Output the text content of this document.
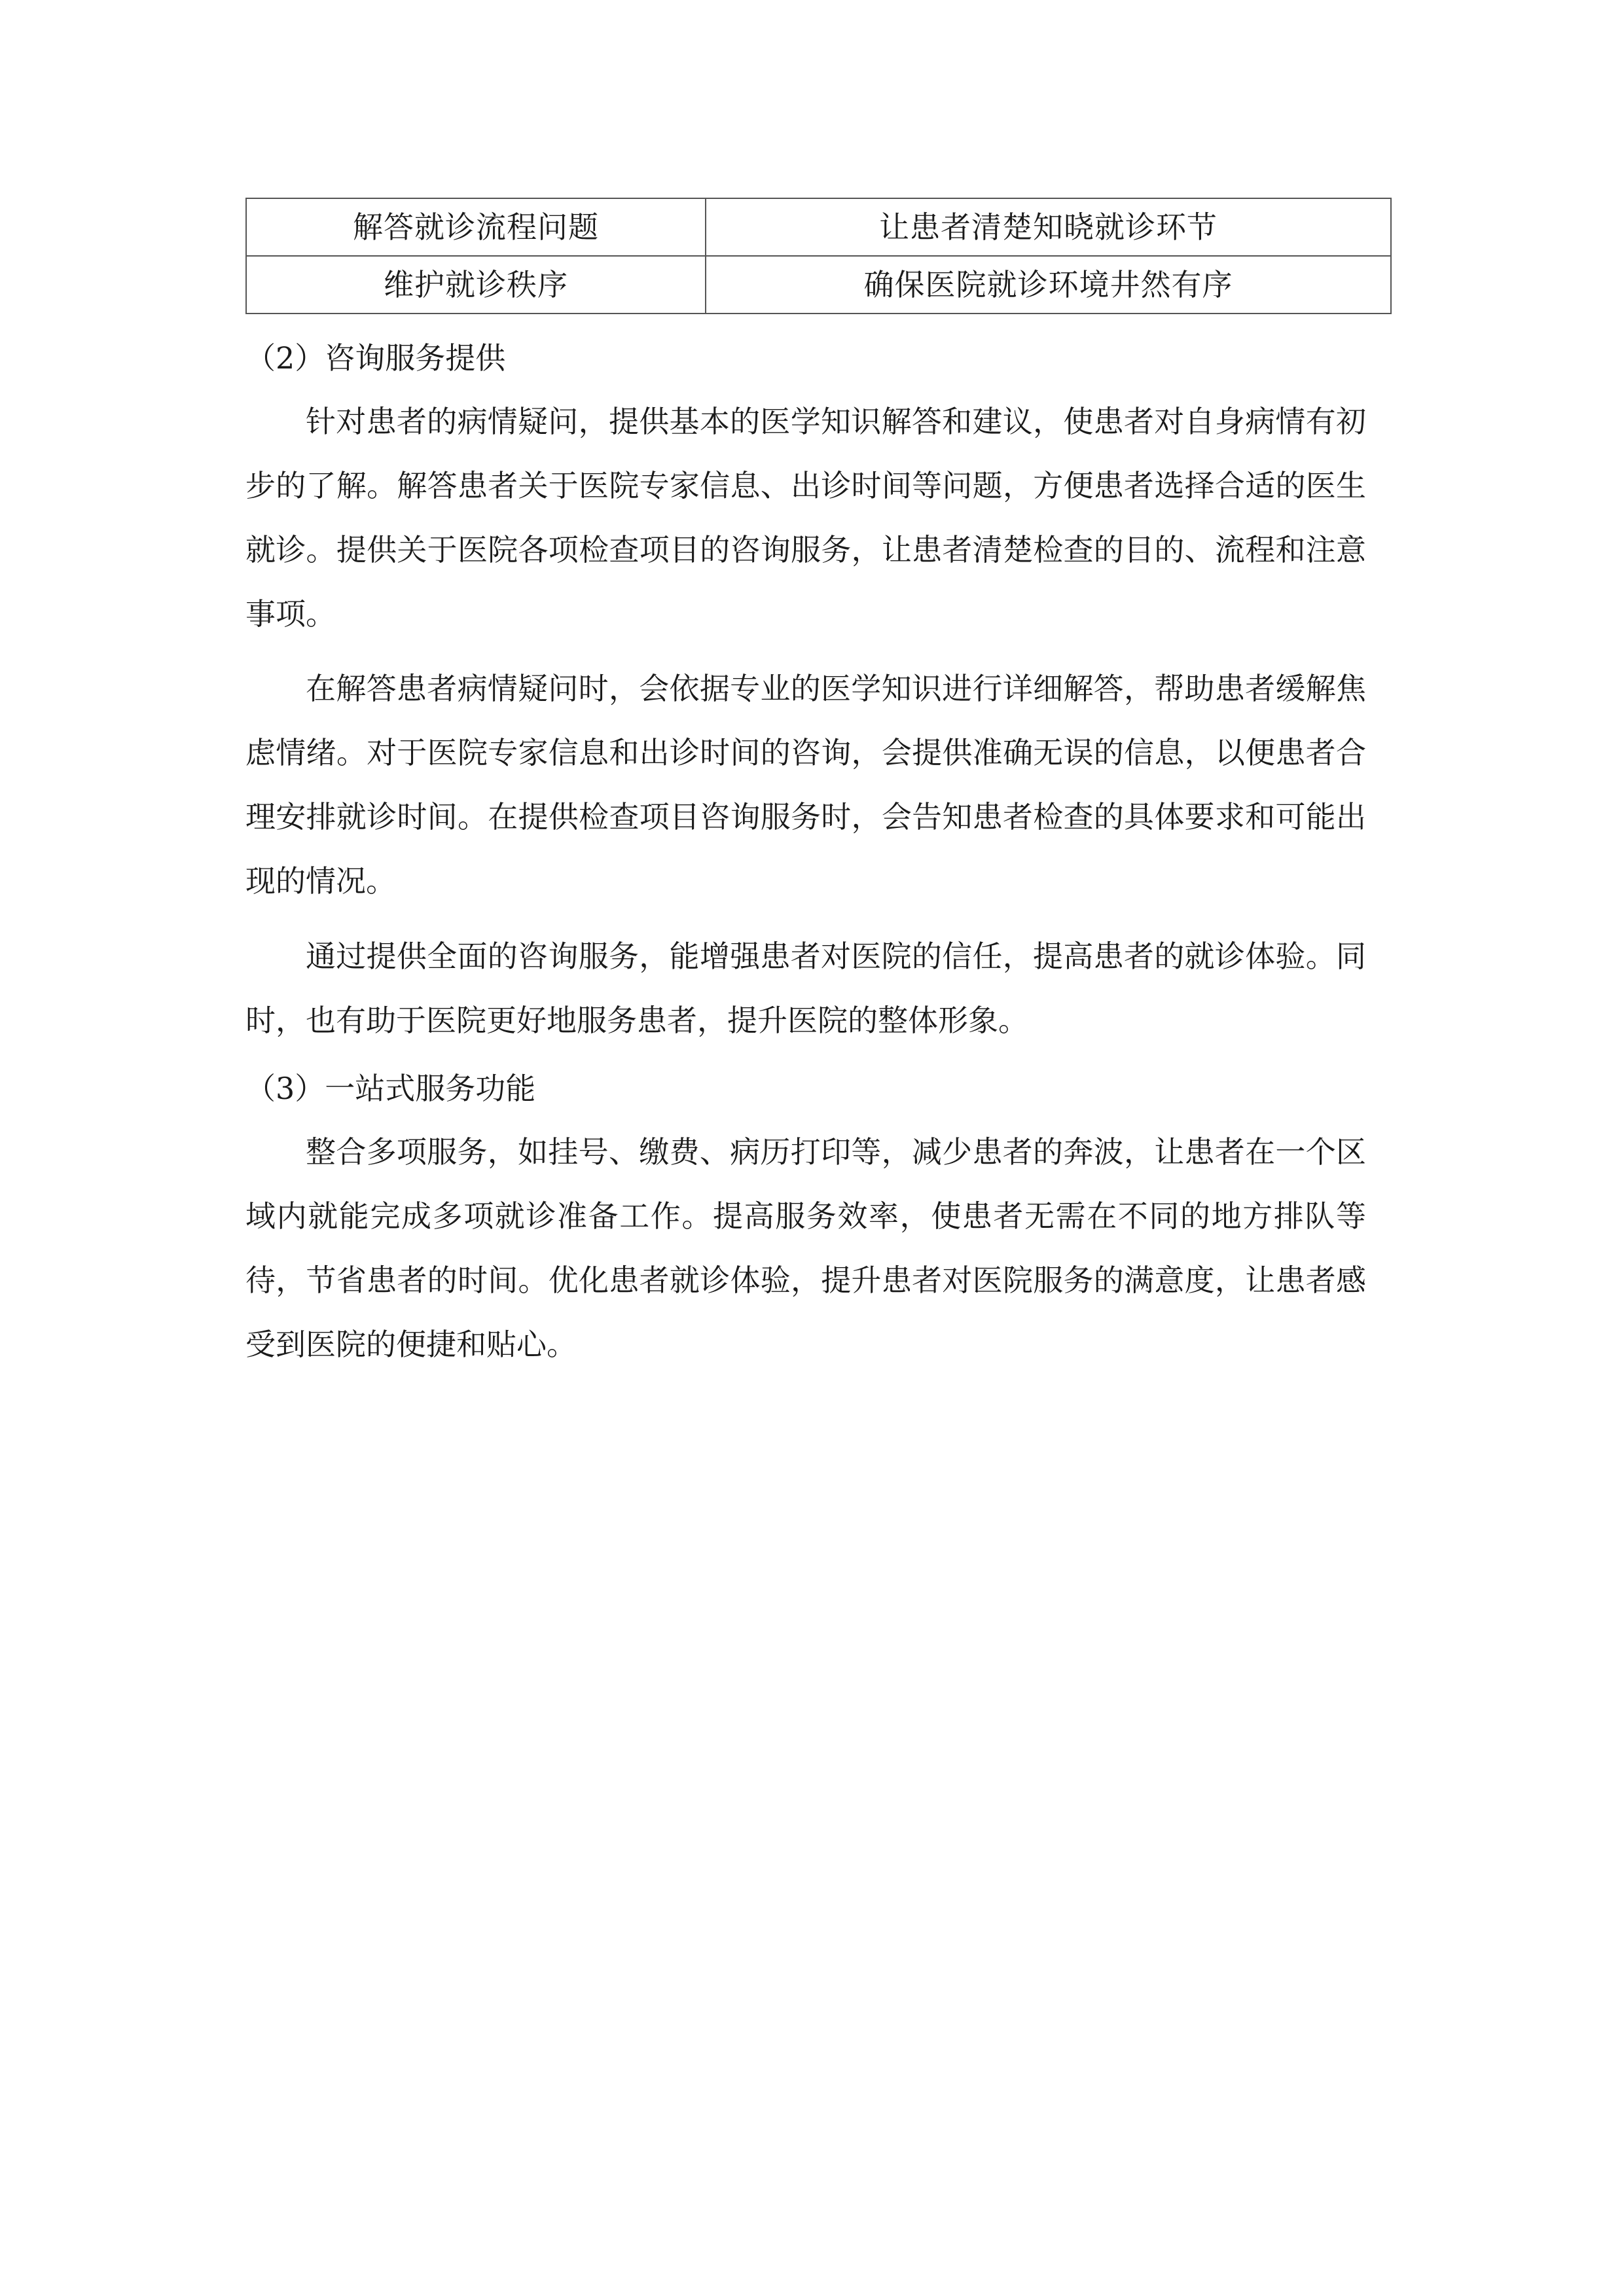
解答就诊流程问题	让患者清楚知晓就诊环节
维护就诊秩序	确保医院就诊环境井然有序
（2）咨询服务提供

针对患者的病情疑问，提供基本的医学知识解答和建议，使患者对自身病情有初步的了解。解答患者关于医院专家信息、出诊时间等问题，方便患者选择合适的医生就诊。提供关于医院各项检查项目的咨询服务，让患者清楚检查的目的、流程和注意事项。

在解答患者病情疑问时，会依据专业的医学知识进行详细解答，帮助患者缓解焦虑情绪。对于医院专家信息和出诊时间的咨询，会提供准确无误的信息，以便患者合理安排就诊时间。在提供检查项目咨询服务时，会告知患者检查的具体要求和可能出现的情况。

通过提供全面的咨询服务，能增强患者对医院的信任，提高患者的就诊体验。同时，也有助于医院更好地服务患者，提升医院的整体形象。

（3）一站式服务功能

整合多项服务，如挂号、缴费、病历打印等，减少患者的奔波，让患者在一个区域内就能完成多项就诊准备工作。提高服务效率，使患者无需在不同的地方排队等待，节省患者的时间。优化患者就诊体验，提升患者对医院服务的满意度，让患者感受到医院的便捷和贴心。
